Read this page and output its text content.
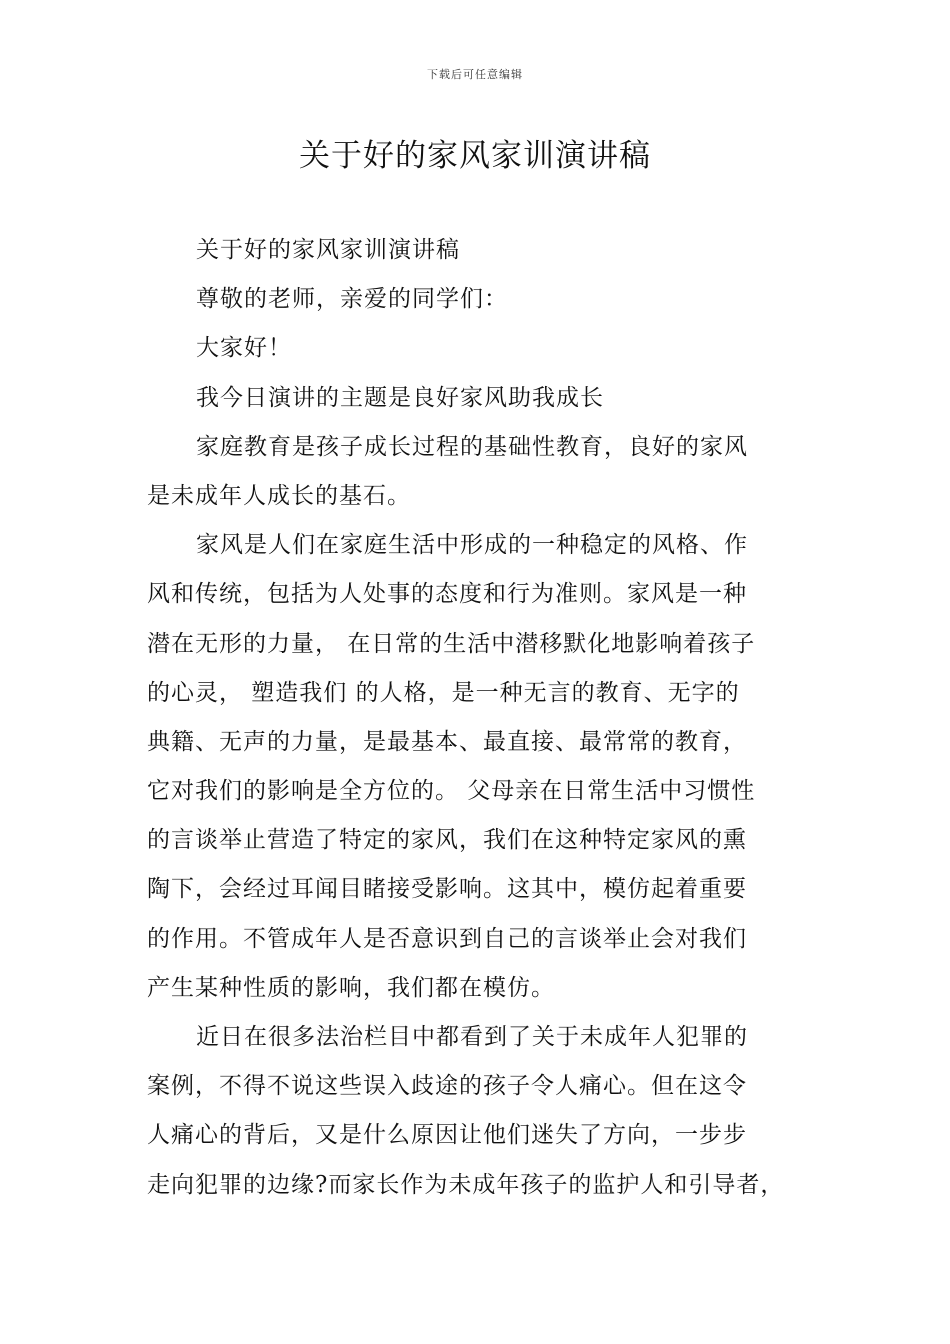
下载后可任意编辑
关于好的家风家训演讲稿
关于好的家风家训演讲稿
尊敬的老师，亲爱的同学们：
大家好！
我今日演讲的主题是良好家风助我成长
家庭教育是孩子成长过程的基础性教育，良好的家风
是未成年人成长的基石。
家风是人们在家庭生活中形成的一种稳定的风格、作
风和传统，包括为人处事的态度和行为准则。家风是一种
潜在无形的力量， 在日常的生活中潜移默化地影响着孩子
的心灵， 塑造我们 的人格，是一种无言的教育、无字的
典籍、无声的力量，是最基本、最直接、最常常的教育，
它对我们的影响是全方位的。 父母亲在日常生活中习惯性
的言谈举止营造了特定的家风，我们在这种特定家风的熏
陶下，会经过耳闻目睹接受影响。这其中，模仿起着重要
的作用。不管成年人是否意识到自己的言谈举止会对我们
产生某种性质的影响，我们都在模仿。
近日在很多法治栏目中都看到了关于未成年人犯罪的
案例，不得不说这些误入歧途的孩子令人痛心。但在这令
人痛心的背后，又是什么原因让他们迷失了方向，一步步
走向犯罪的边缘?而家长作为未成年孩子的监护人和引导者，
